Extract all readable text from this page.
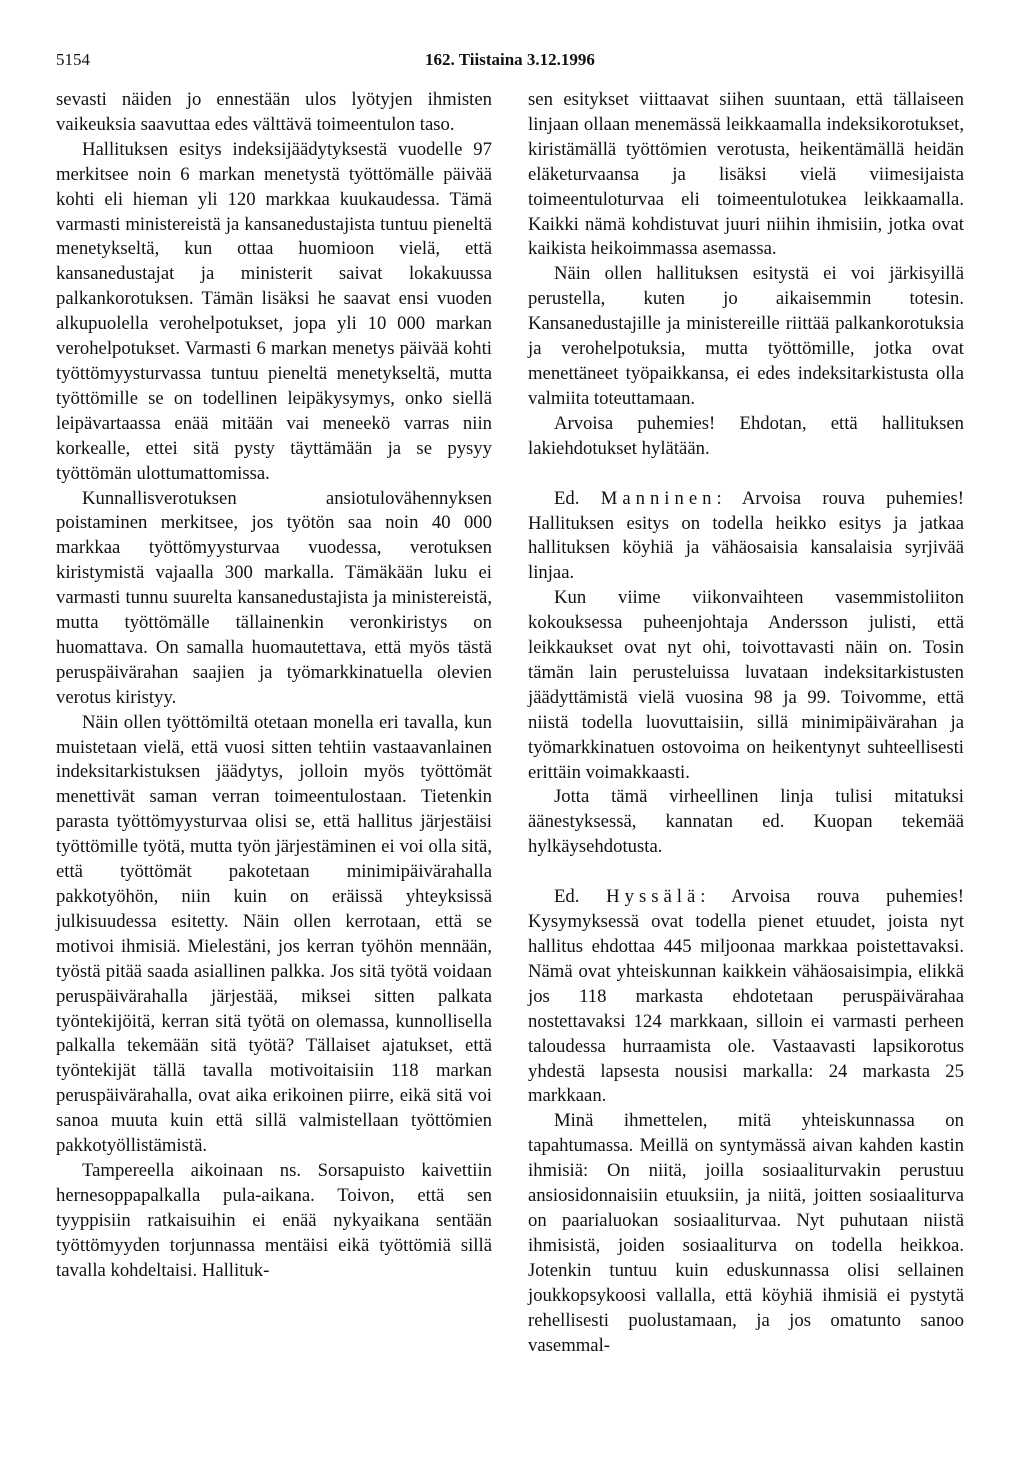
5154	162. Tiistaina 3.12.1996

sevasti näiden jo ennestään ulos lyötyjen ihmisten vaikeuksia saavuttaa edes välttävä toimeentulon taso.

Hallituksen esitys indeksijäädytyksestä vuodelle 97 merkitsee noin 6 markan menetystä työttömälle päivää kohti eli hieman yli 120 markkaa kuukaudessa. Tämä varmasti ministereistä ja kansanedustajista tuntuu pieneltä menetykseltä, kun ottaa huomioon vielä, että kansanedustajat ja ministerit saivat lokakuussa palkankorotuksen. Tämän lisäksi he saavat ensi vuoden alkupuolella verohelpotukset, jopa yli 10 000 markan verohelpotukset. Varmasti 6 markan menetys päivää kohti työttömyysturvassa tuntuu pieneltä menetykseltä, mutta työttömille se on todellinen leipäkysymys, onko siellä leipävartaassa enää mitään vai meneekö varras niin korkealle, ettei sitä pysty täyttämään ja se pysyy työttömän ulottumattomissa.

Kunnallisverotuksen ansiotulovähennyksen poistaminen merkitsee, jos työtön saa noin 40 000 markkaa työttömyysturvaa vuodessa, verotuksen kiristymistä vajaalla 300 markalla. Tämäkään luku ei varmasti tunnu suurelta kansanedustajista ja ministereistä, mutta työttömälle tällainenkin veronkiristys on huomattava. On samalla huomautettava, että myös tästä peruspäivärahan saajien ja työmarkkinatuella olevien verotus kiristyy.

Näin ollen työttömiltä otetaan monella eri tavalla, kun muistetaan vielä, että vuosi sitten tehtiin vastaavanlainen indeksitarkistuksen jäädytys, jolloin myös työttömät menettivät saman verran toimeentulostaan. Tietenkin parasta työttömyysturvaa olisi se, että hallitus järjestäisi työttömille työtä, mutta työn järjestäminen ei voi olla sitä, että työttömät pakotetaan minimipäivärahalla pakkotyöhön, niin kuin on eräissä yhteyksissä julkisuudessa esitetty. Näin ollen kerrotaan, että se motivoi ihmisiä. Mielestäni, jos kerran työhön mennään, työstä pitää saada asiallinen palkka. Jos sitä työtä voidaan peruspäivärahalla järjestää, miksei sitten palkata työntekijöitä, kerran sitä työtä on olemassa, kunnollisella palkalla tekemään sitä työtä? Tällaiset ajatukset, että työntekijät tällä tavalla motivoitaisiin 118 markan peruspäivärahalla, ovat aika erikoinen piirre, eikä sitä voi sanoa muuta kuin että sillä valmistellaan työttömien pakkotyöllistämistä.

Tampereella aikoinaan ns. Sorsapuisto kaivettiin hernesoppapalkalla pula-aikana. Toivon, että sen tyyppisiin ratkaisuihin ei enää nykyaikana sentään työttömyyden torjunnassa mentäisi eikä työttömiä sillä tavalla kohdeltaisi. Hallituk-

sen esitykset viittaavat siihen suuntaan, että tällaiseen linjaan ollaan menemässä leikkaamalla indeksikorotukset, kiristämällä työttömien verotusta, heikentämällä heidän eläketurvaansa ja lisäksi vielä viimesijaista toimeentuloturvaa eli toimeentulotukea leikkaamalla. Kaikki nämä kohdistuvat juuri niihin ihmisiin, jotka ovat kaikista heikoimmassa asemassa.

Näin ollen hallituksen esitystä ei voi järkisyillä perustella, kuten jo aikaisemmin totesin. Kansanedustajille ja ministereille riittää palkankorotuksia ja verohelpotuksia, mutta työttömille, jotka ovat menettäneet työpaikkansa, ei edes indeksitarkistusta olla valmiita toteuttamaan.

Arvoisa puhemies! Ehdotan, että hallituksen lakiehdotukset hylätään.

Ed. Manninen: Arvoisa rouva puhemies! Hallituksen esitys on todella heikko esitys ja jatkaa hallituksen köyhiä ja vähäosaisia kansalaisia syrjivää linjaa.

Kun viime viikonvaihteen vasemmistoliiton kokouksessa puheenjohtaja Andersson julisti, että leikkaukset ovat nyt ohi, toivottavasti näin on. Tosin tämän lain perusteluissa luvataan indeksitarkistusten jäädyttämistä vielä vuosina 98 ja 99. Toivomme, että niistä todella luovuttaisiin, sillä minimipäivärahan ja työmarkkinatuen ostovoima on heikentynyt suhteellisesti erittäin voimakkaasti.

Jotta tämä virheellinen linja tulisi mitatuksi äänestyksessä, kannatan ed. Kuopan tekemää hylkäysehdotusta.

Ed. Hyssälä: Arvoisa rouva puhemies! Kysymyksessä ovat todella pienet etuudet, joista nyt hallitus ehdottaa 445 miljoonaa markkaa poistettavaksi. Nämä ovat yhteiskunnan kaikkein vähäosaisimpia, elikkä jos 118 markasta ehdotetaan peruspäivärahaa nostettavaksi 124 markkaan, silloin ei varmasti perheen taloudessa hurraamista ole. Vastaavasti lapsikorotus yhdestä lapsesta nousisi markalla: 24 markasta 25 markkaan.

Minä ihmettelen, mitä yhteiskunnassa on tapahtumassa. Meillä on syntymässä aivan kahden kastin ihmisiä: On niitä, joilla sosiaaliturvakin perustuu ansiosidonnaisiin etuuksiin, ja niitä, joitten sosiaaliturva on paarialuokan sosiaaliturvaa. Nyt puhutaan niistä ihmisistä, joiden sosiaaliturva on todella heikkoa. Jotenkin tuntuu kuin eduskunnassa olisi sellainen joukkopsykoosi vallalla, että köyhiä ihmisiä ei pystytä rehellisesti puolustamaan, ja jos omatunto sanoo vasemmal-
